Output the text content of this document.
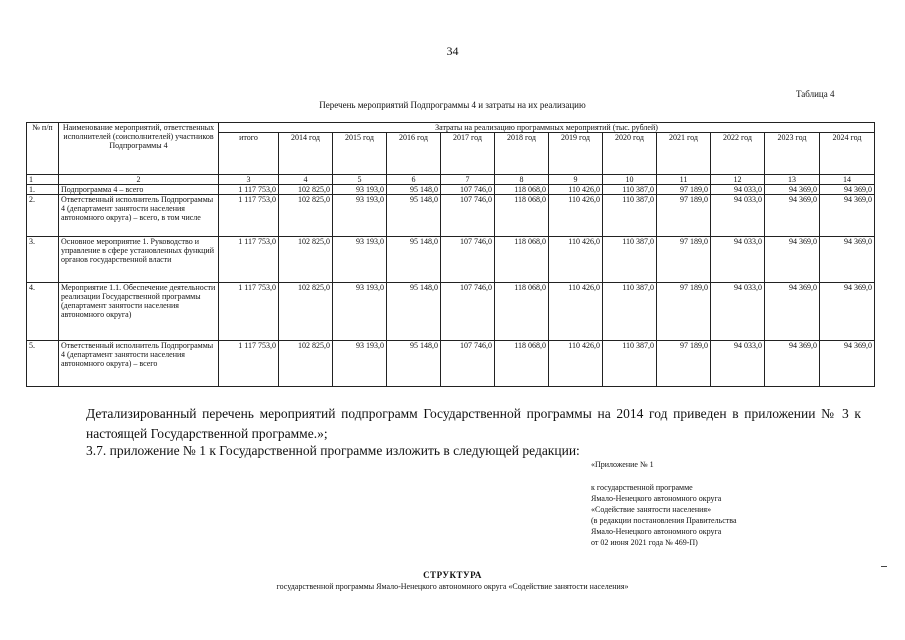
34
Таблица 4
Перечень мероприятий Подпрограммы 4 и затраты на их реализацию
№ п/п	Наименование мероприятий, ответственных исполнителей (соисполнителей) участников Подпрограммы 4	Затраты на реализацию программных мероприятий (тыс. рублей)											
		итого	2014 год	2015 год	2016 год	2017 год	2018 год	2019 год	2020 год	2021 год	2022 год	2023 год	2024 год
1	2	3	4	5	6	7	8	9	10	11	12	13	14
1.	Подпрограмма 4 – всего	1 117 753,0	102 825,0	93 193,0	95 148,0	107 746,0	118 068,0	110 426,0	110 387,0	97 189,0	94 033,0	94 369,0	94 369,0
2.	Ответственный исполнитель Подпрограммы 4 (департамент занятости населения автономного округа) – всего, в том числе	1 117 753,0	102 825,0	93 193,0	95 148,0	107 746,0	118 068,0	110 426,0	110 387,0	97 189,0	94 033,0	94 369,0	94 369,0
3.	Основное мероприятие 1. Руководство и управление в сфере установленных функций органов государственной власти	1 117 753,0	102 825,0	93 193,0	95 148,0	107 746,0	118 068,0	110 426,0	110 387,0	97 189,0	94 033,0	94 369,0	94 369,0
4.	Мероприятие 1.1. Обеспечение деятельности реализации Государственной программы (департамент занятости населения автономного округа)	1 117 753,0	102 825,0	93 193,0	95 148,0	107 746,0	118 068,0	110 426,0	110 387,0	97 189,0	94 033,0	94 369,0	94 369,0
5.	Ответственный исполнитель Подпрограммы 4 (департамент занятости населения автономного округа) – всего	1 117 753,0	102 825,0	93 193,0	95 148,0	107 746,0	118 068,0	110 426,0	110 387,0	97 189,0	94 033,0	94 369,0	94 369,0
Детализированный перечень мероприятий подпрограмм Государственной программы на 2014 год приведен в приложении № 3 к настоящей Государственной программе.»;
3.7. приложение № 1 к Государственной программе изложить в следующей редакции:
«Приложение № 1
к государственной программе
Ямало-Ненецкого автономного округа
«Содействие занятости населения»
(в редакции постановления Правительства
Ямало-Ненецкого автономного округа
от 02 июня 2021 года № 469-П)
СТРУКТУРА
государственной программы Ямало-Ненецкого автономного округа «Содействие занятости населения»
